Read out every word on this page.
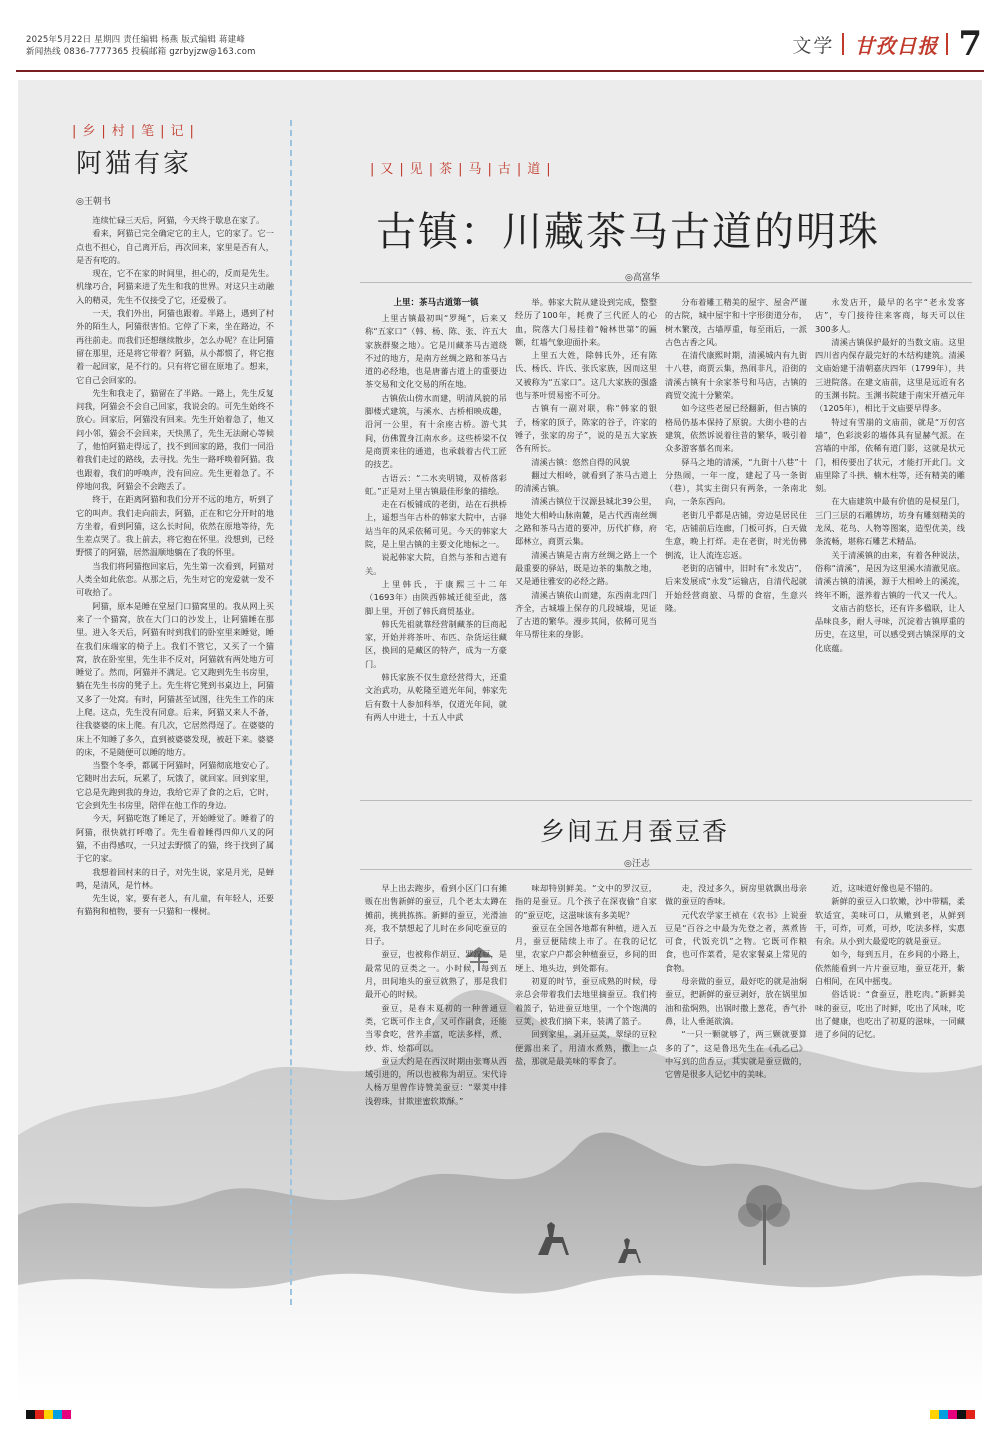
2025年5月22日 星期四 责任编辑 杨燕 版式编辑 蒋建峰
新闻热线 0836-7777365 投稿邮箱 gzrbyjzw@163.com	文学 甘孜日报 7
|乡|村|笔|记|
阿猫有家
◎王朝书

连续忙碌三天后，阿猫，今天终于歇息在家了。

看来，阿猫已完全确定它的主人，它的家了。它一点也不担心，自己离开后，再次回来，家里是否有人，是否有吃的。

现在，它不在家的时间里，担心的，反而是先生。机缘巧合，阿猫来进了先生和我的世界。对这只主动融入的精灵，先生不仅接受了它，还爱极了。

一天，我们外出，阿猫也跟着。半路上，遇到了村外的陌生人，阿猫很害怕。它停了下来，坐在路边，不再往前走。而我们还想继续散步，怎么办呢？在让阿猫留在那里，还是将它带着？阿猫，从小都惯了，将它抱着一起回家，是不行的。只有将它留在原地了。想来，它自己会回家的。

先生和我走了，猫留在了半路。一路上，先生反复问我，阿猫会不会自己回家，我说会的。可先生始终不放心。回家后，阿猫没有回来。先生开始着急了，他又问小邻，猫会不会回来，天快黑了，先生无法耐心等候了，他怕阿猫走得远了，找不到回家的路，我们一同沿着我们走过的路线，去寻找。先生一路呼唤着阿猫。我也跟着，我们的呼唤声，没有回应。先生更着急了。不停地问我，阿猫会不会跑丢了。

终于，在距离阿猫和我们分开不远的地方，听到了它的叫声。我们走向前去，阿猫，正在和它分开时的地方坐着，看到阿猫，这么长时间，依然在原地等待，先生差点哭了。我上前去，将它抱在怀里。没想到，已经野惯了的阿猫，居然温顺地躺在了我的怀里。

当我们将阿猫抱回家后，先生第一次看到，阿猫对人类全如此依恋。从那之后，先生对它的宠爱就一发不可收拾了。

阿猫，原本是睡在堂屋门口猫窝里的。我从网上买来了一个猫窝，放在大门口的沙发上，让阿猫睡在那里。进入冬天后，阿猫有时到我们的卧室里来睡觉，睡在我们床端家的椅子上。我们不管它，又买了一个猫窝，放在卧室里，先生非不反对，阿猫就有两处地方可睡觉了。然而，阿猫并不满足。它又跑到先生书房里，躺在先生书房的凳子上。先生将它凳到书桌边上，阿猫又多了一处窝。有时，阿猫甚至试图，往先生工作的床上爬。这点，先生没有同意。后来，阿猫又来人不备，往我婆婆的床上爬。有几次，它居然得逞了。在婆婆的床上不知睡了多久，直到被婆婆发现，被赶下来。婆婆的床，不是随便可以睡的地方。

当整个冬季，都属于阿猫时，阿猫彻底地安心了。它随时出去玩，玩累了，玩饿了，就回家。回到家里，它总是先跑到我的身边，我给它弄了食的之后，它时，它会到先生书房里，陪伴在他工作的身边。

今天，阿猫吃饱了睡足了，开始睡觉了。睡着了的阿猫，很快就打呼噜了。先生看着睡得四仰八叉的阿猫，不由得感叹，一只过去野惯了的猫，终于找到了属于它的家。

我想着回村来的日子，对先生说，家是月光，是蝉鸣，是清风，是竹林。

先生说，家，要有老人，有儿童，有年轻人，还要有猫狗和植物，要有一只猫和一棵树。

|又|见|茶|马|古|道|
古镇：川藏茶马古道的明珠
◎高富华
上里：茶马古道第一镇

上里古镇最初叫“罗绳”，后来又称“五家口”（韩、杨、陈、张、许五大家族群聚之地）。它是川藏茶马古道绕不过的地方，是南方丝绸之路和茶马古道的必经地，也是唐蕃古道上的重要边茶交易和文化交易的所在地。

古镇依山傍水而建，明清风貌的吊脚楼式建筑，与溪水、古桥相映成趣，沿河一公里，有十余座古桥。游弋其间，仿佛置身江南水乡。这些桥梁不仅是商贾来往的通道，也承载着古代工匠的技艺。

古语云：“二水夹明镜，双桥落彩虹。”正是对上里古镇最佳形象的描绘。

走在石板铺成的老街，站在石拱桥上，遥想当年古朴的韩家大院中，古驿站当年的风采依稀可见。今天的韩家大院，是上里古镇的主要文化地标之一。

说起韩家大院，自然与茶和古道有关。

上里韩氏，于康熙三十二年（1693年）由陕西韩城迁徙至此，落脚上里，开创了韩氏商贸基业。

韩氏先祖就靠经营制藏茶的巨商起家，开始并将茶叶、布匹、杂货运往藏区，换回的是藏区的特产，成为一方豪门。

韩氏家族不仅生意经营得大，还重文治武功，从乾隆至道光年间，韩家先后有数十人参加科举，仅道光年间，就有两人中进士，十五人中武

举。韩家大院从建设到完成，整整经历了100年，耗费了三代匠人的心血，院落大门易挂着“翰林世第”的匾额，红墙气象迎面扑来。

上里五大姓，除韩氏外，还有陈氏、杨氏、许氏、张氏家族，因而这里又被称为“五家口”。这几大家族的强盛也与茶叶贸易密不可分。

古镇有一副对联，称“韩家的银子，杨家的顶子，陈家的谷子，许家的锤子，张家的房子”，说的是五大家族各有所长。

清溪古镇：悠然自得的风貌

翻过大相岭，就看到了茶马古道上的清溪古镇。

清溪古镇位于汉源县城北39公里，地处大相岭山脉南麓，是古代西南丝绸之路和茶马古道的要冲，历代扩修，府邸林立，商贾云集。

清溪古镇是古南方丝绸之路上一个最重要的驿站，既是边茶的集散之地，又是通往雅安的必经之路。

清溪古镇依山而建，东西南北四门齐全，古城墙上保存的几段城墙，见证了古道的繁华。漫步其间，依稀可见当年马帮往来的身影。

分布着雕工精美的屋宇、屋舍严谨的古院，城中屋宇和十字形街道分布，树木繁茂，古墙厚重，每至雨后，一派古色古香之风。

在清代康熙时期，清溪城内有九街十八巷，商贾云集，热闹非凡，沿街的清溪古镇有十余家茶号和马店，古镇的商贸交流十分繁荣。

如今这些老屋已经翻新，但古镇的格局仍基本保持了原貌。大街小巷的古建筑，依然诉说着往昔的繁华，吸引着众多游客慕名而来。

驿马之地的清溪，“九街十八巷”十分热闹，一年一度，建起了马一条街（巷），其实主街只有两条，一条南北向，一条东西向。

老街几乎都是店铺，旁边是居民住宅，店铺前后连廊，门板可拆，白天做生意，晚上打烊。走在老街，时光仿佛倒流，让人流连忘返。

老街的店铺中，旧时有“永发店”，后来发展成“永发”运输店，自清代起就开始经营商旅、马帮的食宿，生意兴隆。

永发店开，最早的名字“老永发客店”，专门接待往来客商，每天可以住300多人。

清溪古镇保护最好的当数文庙。这里四川省内保存最完好的木结构建筑。清溪文庙始建于清朝嘉庆四年（1799年），共三进院落。在建文庙前，这里是远近有名的玉渊书院。玉渊书院建于南宋开禧元年（1205年），相比于文庙要早得多。

特过有雪崩的文庙前，就是“万仞宫墙”，色彩淡彩的墙体具有显赫气派。在宫墙的中部，依稀有道门影，这就是状元门，相传要出了状元，才能打开此门。文庙里除了斗拱、楠木柱等，还有精美的雕刻。

在大庙建筑中最有价值的是棂星门，三门三层的石雕牌坊，坊身有雕刻精美的龙凤、花鸟、人物等图案，造型优美，线条流畅，堪称石雕艺术精品。

关于清溪镇的由来，有着各种说法，俗称“清溪”，是因为这里溪水清澈见底。清溪古镇的清溪，源于大相岭上的溪流，终年不断，滋养着古镇的一代又一代人。

文庙古韵悠长，还有许多楹联，让人品味良多，耐人寻味，沉淀着古镇厚重的历史，在这里，可以感受到古镇深厚的文化底蕴。

乡间五月蚕豆香
◎汪志

早上出去跑步，看到小区门口有摊贩在出售新鲜的蚕豆，几个老太太蹲在摊前，挑挑拣拣。新鲜的蚕豆，光滑油亮，我不禁想起了儿时在乡间吃蚕豆的日子。

蚕豆，也被称作胡豆、罗汉豆，是最常见的豆类之一。小时候，每到五月，田间地头的蚕豆就熟了，那是我们最开心的时候。

蚕豆，是春末夏初的一种普通豆类，它既可作主食，又可作副食，还能当零食吃，营养丰富，吃法多样，煮、炒、炸、烩都可以。

蚕豆大约是在西汉时期由张骞从西域引进的，所以也被称为胡豆。宋代诗人杨万里曾作诗赞美蚕豆：“翠荚中排浅碧珠，甘欺崖蜜软欺酥。”

味却特别鲜美。“文中的罗汉豆，指的是蚕豆。几个孩子在深夜偷“自家的”蚕豆吃，这滋味该有多美呢？

蚕豆在全国各地都有种植，进入五月，蚕豆便陆续上市了。在我的记忆里，农家户户都会种植蚕豆，乡间的田埂上、地头边，到处都有。

初夏的时节，蚕豆成熟的时候，母亲总会带着我们去地里摘蚕豆。我们挎着篮子，钻进蚕豆地里，一个个饱满的豆荚，被我们摘下来，装满了篮子。

回到家里，剥开豆荚，翠绿的豆粒便露出来了，用清水煮熟，撒上一点盐，那就是最美味的零食了。

走，没过多久，厨房里就飘出母亲做的蚕豆的香味。

元代农学家王祯在《农书》上说蚕豆是“百谷之中最为先登之者，蒸煮皆可食，代饭充饥”之物。它既可作粮食，也可作菜肴，是农家餐桌上常见的食物。

母亲做的蚕豆，最好吃的就是油焖蚕豆，把新鲜的蚕豆剥好，放在锅里加油和盐焖熟，出锅时撒上葱花，香气扑鼻，让人垂涎欲滴。

“一只一颗就够了，两三颗就要算多的了”，这是鲁迅先生在《孔乙己》中写到的茴香豆，其实就是蚕豆做的，它曾是很多人记忆中的美味。

近，这味道好像也是不错的。

新鲜的蚕豆入口软嫩，沙中带糯，柔软适宜，美味可口，从嫩到老，从鲜到干，可炸，可煮，可炒，吃法多样，实惠有余。从小到大最爱吃的就是蚕豆。

如今，每到五月，在乡间的小路上，依然能看到一片片蚕豆地，蚕豆花开，紫白相间，在风中摇曳。

俗话说：“食蚕豆，胜吃肉。”新鲜美味的蚕豆，吃出了时鲜，吃出了风味，吃出了健康，也吃出了初夏的滋味，一同藏进了乡间的记忆。
